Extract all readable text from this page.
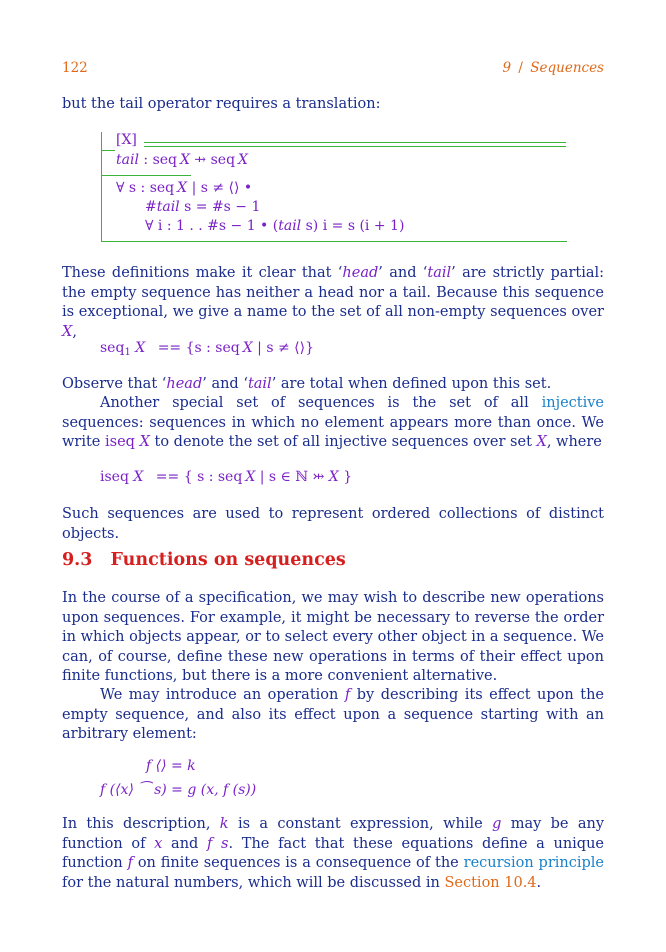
122	9 / Sequences

but the tail operator requires a translation:

[X]
tail : seq X ⇸ seq X
∀ s : seq X | s ≠ ⟨⟩ •
#tail s = #s − 1
∀ i : 1 . . #s − 1 • (tail s) i = s (i + 1)

These definitions make it clear that ‘head’ and ‘tail’ are strictly partial: the empty sequence has neither a head nor a tail. Because this sequence is exceptional, we give a name to the set of all non-empty sequences over X,

seq$_1$ X == {s : seq X | s ≠ ⟨⟩}

Observe that ‘head’ and ‘tail’ are total when defined upon this set.

Another special set of sequences is the set of all injective sequences: sequences in which no element appears more than once. We write iseq X to denote the set of all injective sequences over set X, where

iseq X == { s : seq X | s ∈ ℕ ⤔ X }

Such sequences are used to represent ordered collections of distinct objects.

9.3 Functions on sequences

In the course of a specification, we may wish to describe new operations upon sequences. For example, it might be necessary to reverse the order in which objects appear, or to select every other object in a sequence. We can, of course, define these new operations in terms of their effect upon finite functions, but there is a more convenient alternative.

We may introduce an operation f by describing its effect upon the empty sequence, and also its effect upon a sequence starting with an arbitrary element:

f ⟨⟩ = k
f (⟨x⟩ ⁀ s) = g (x, f (s))

In this description, k is a constant expression, while g may be any function of x and f s. The fact that these equations define a unique function f on finite sequences is a consequence of the recursion principle for the natural numbers, which will be discussed in Section 10.4.
